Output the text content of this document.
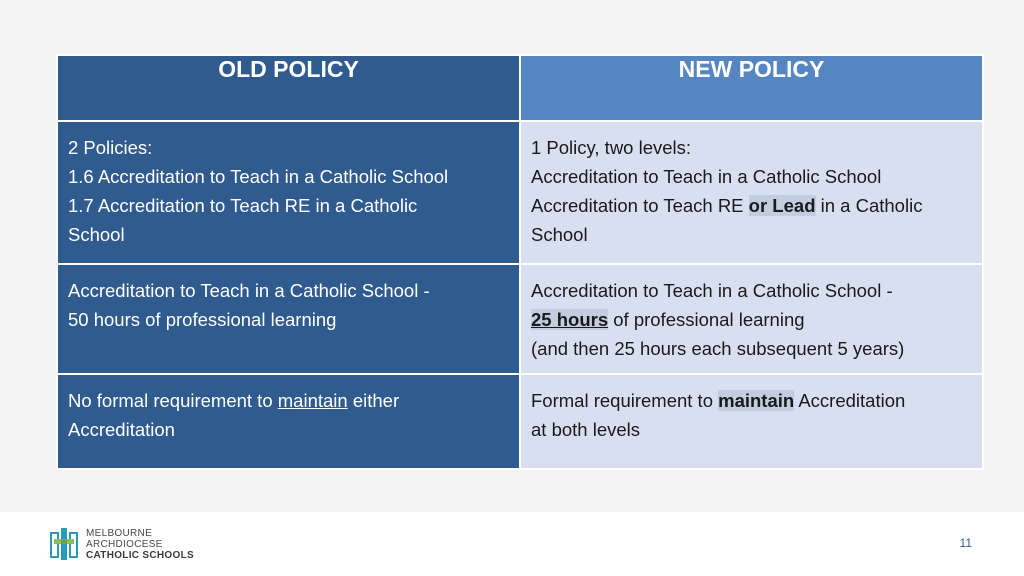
OLD POLICY	NEW POLICY

2 Policies:
1.6 Accreditation to Teach in a Catholic School
1.7 Accreditation to Teach RE in a Catholic
School	1 Policy, two levels:
Accreditation to Teach in a Catholic School
Accreditation to Teach RE or Lead in a Catholic
School

Accreditation to Teach in a Catholic School -
50 hours of professional learning	Accreditation to Teach in a Catholic School -
25 hours of professional learning
(and then 25 hours each subsequent 5 years)

No formal requirement to maintain either
Accreditation	Formal requirement to maintain Accreditation
at both levels
MELBOURNE
ARCHDIOCESE
CATHOLIC SCHOOLS
11
